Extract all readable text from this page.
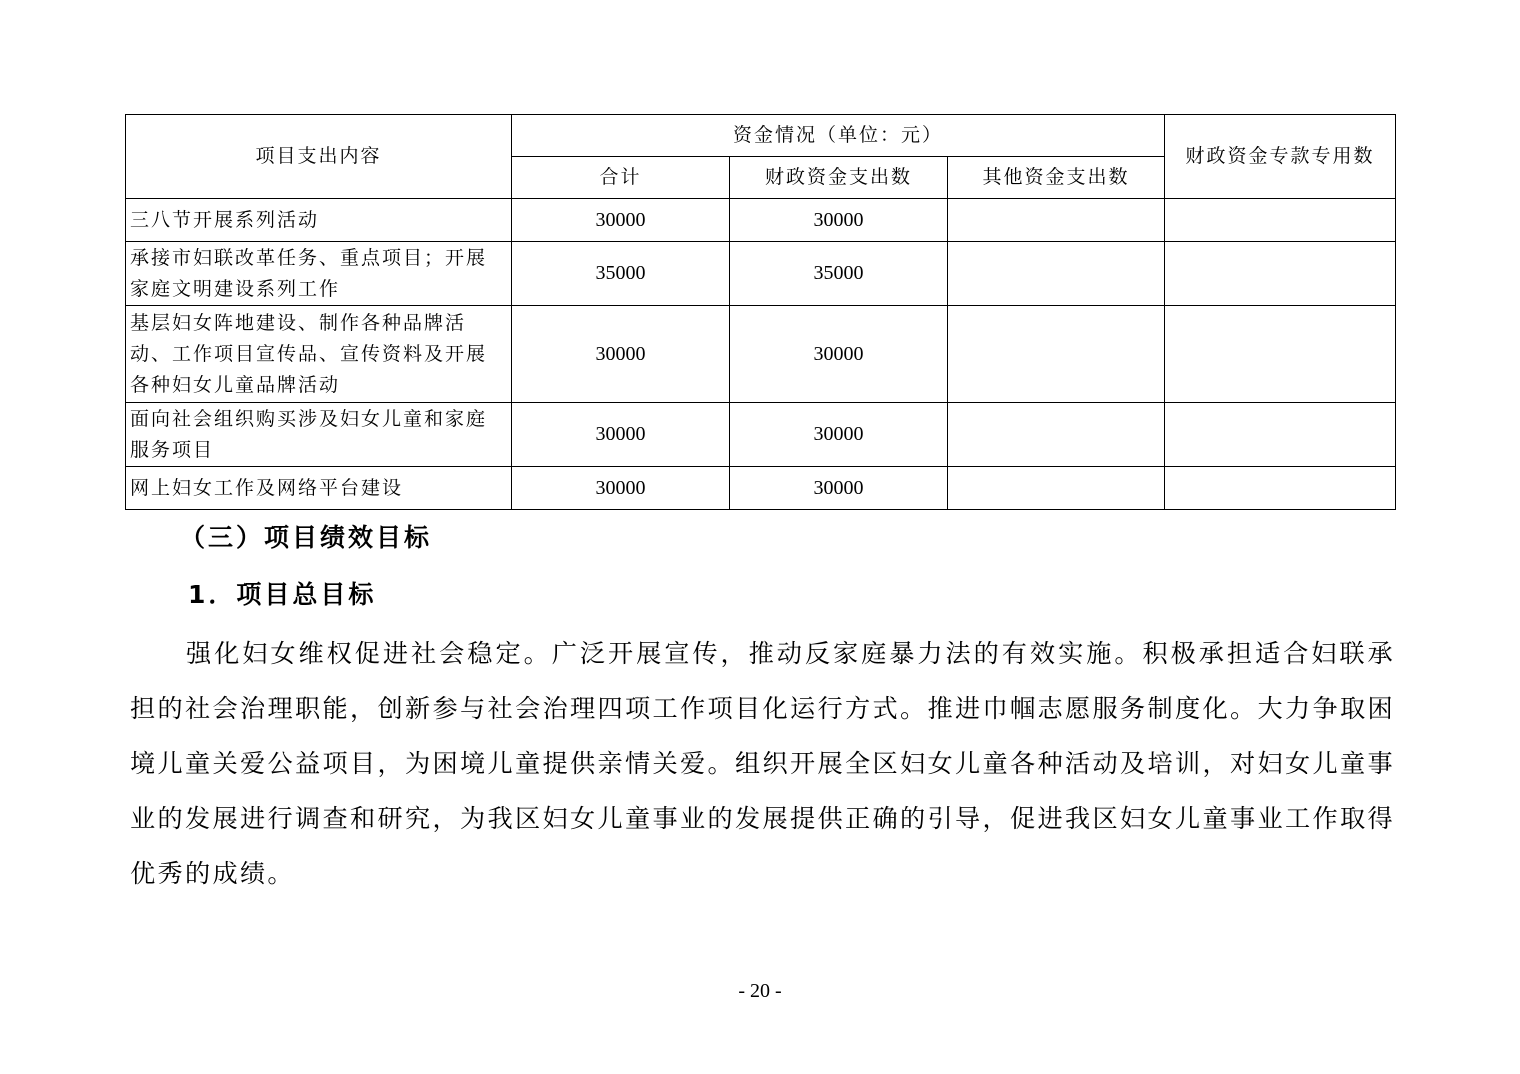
项目支出内容	资金情况（单位：元）			财政资金专款专用数
	合计	财政资金支出数	其他资金支出数	
三八节开展系列活动	30000	30000		
承接市妇联改革任务、重点项目；开展家庭文明建设系列工作	35000	35000		
基层妇女阵地建设、制作各种品牌活动、工作项目宣传品、宣传资料及开展各种妇女儿童品牌活动	30000	30000		
面向社会组织购买涉及妇女儿童和家庭服务项目	30000	30000		
网上妇女工作及网络平台建设	30000	30000		
（三）项目绩效目标
1．项目总目标

强化妇女维权促进社会稳定。广泛开展宣传，推动反家庭暴力法的有效实施。积极承担适合妇联承担的社会治理职能，创新参与社会治理四项工作项目化运行方式。推进巾帼志愿服务制度化。大力争取困境儿童关爱公益项目，为困境儿童提供亲情关爱。组织开展全区妇女儿童各种活动及培训，对妇女儿童事业的发展进行调查和研究，为我区妇女儿童事业的发展提供正确的引导，促进我区妇女儿童事业工作取得优秀的成绩。

- 20 -
